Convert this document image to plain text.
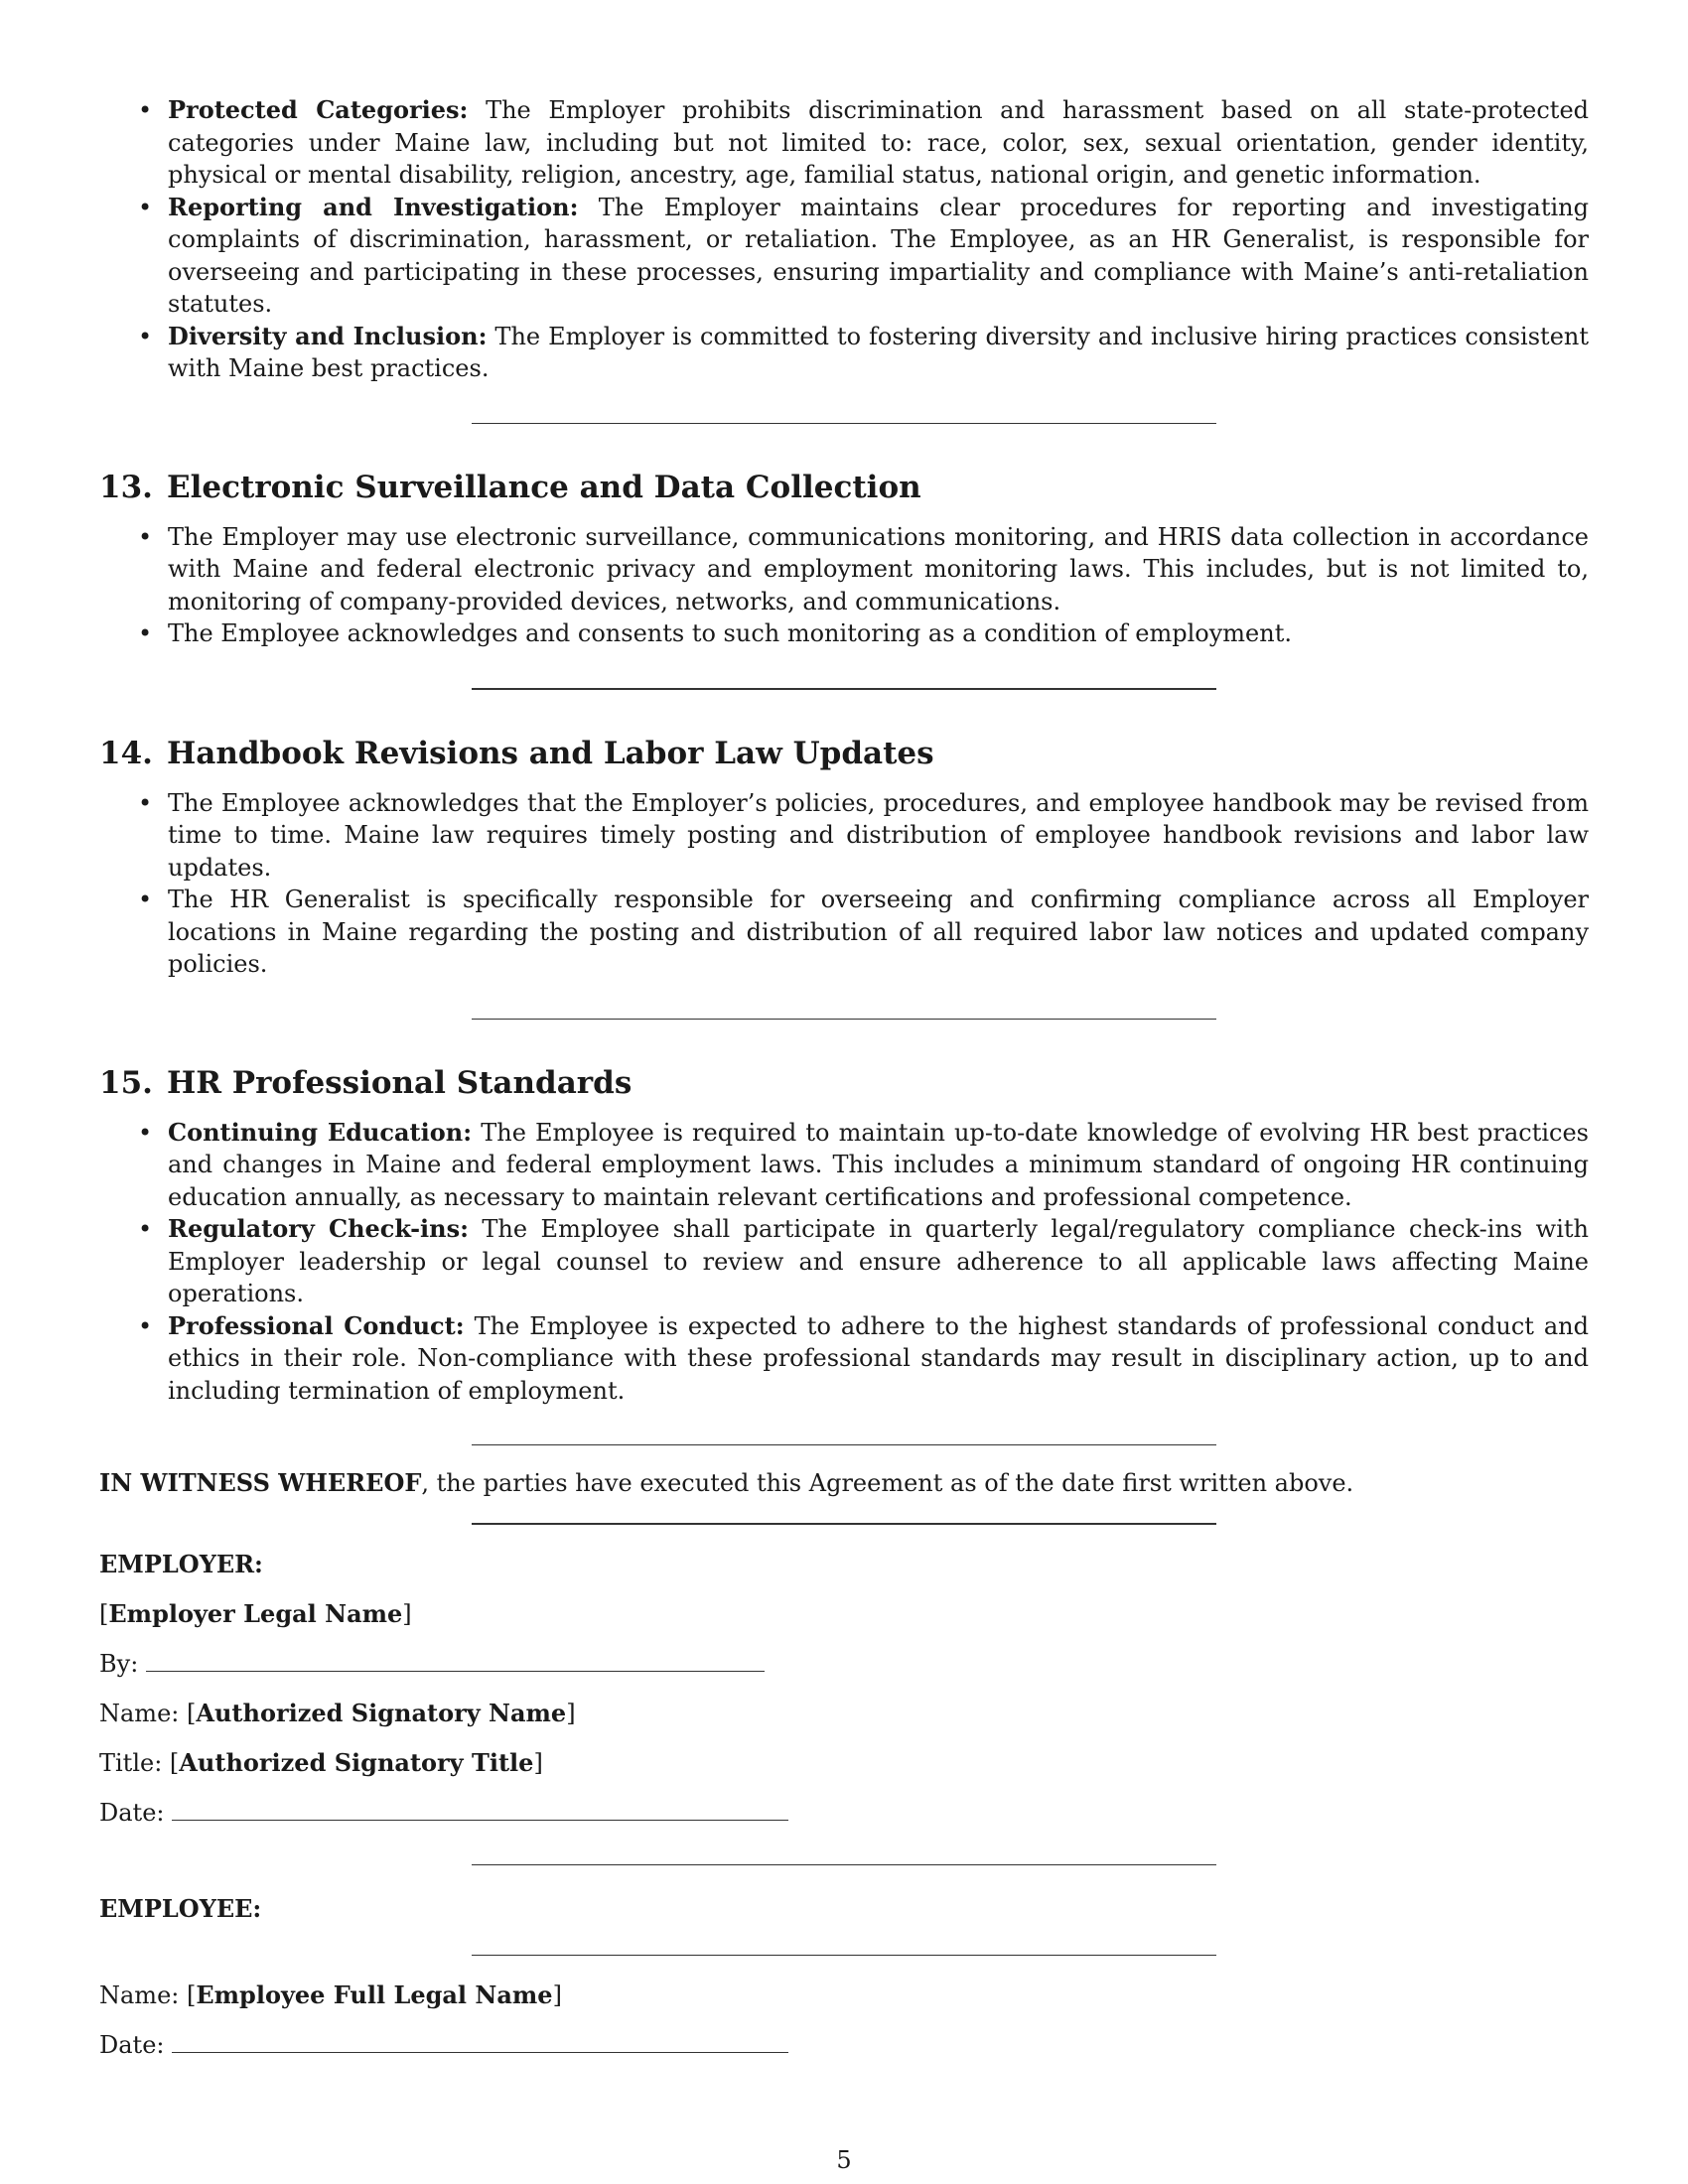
• Protected Categories: The Employer prohibits discrimination and harassment based on all state-protected categories under Maine law, including but not limited to: race, color, sex, sexual orientation, gender identity, physical or mental disability, religion, ancestry, age, familial status, national origin, and genetic information.
• Reporting and Investigation: The Employer maintains clear procedures for reporting and investigating complaints of discrimination, harassment, or retaliation. The Employee, as an HR Generalist, is responsible for overseeing and participating in these processes, ensuring impartiality and compliance with Maine’s anti-retaliation statutes.
• Diversity and Inclusion: The Employer is committed to fostering diversity and inclusive hiring practices consistent with Maine best practices.
13. Electronic Surveillance and Data Collection
• The Employer may use electronic surveillance, communications monitoring, and HRIS data collection in accordance with Maine and federal electronic privacy and employment monitoring laws. This includes, but is not limited to, monitoring of company-provided devices, networks, and communications.
• The Employee acknowledges and consents to such monitoring as a condition of employment.
14. Handbook Revisions and Labor Law Updates
• The Employee acknowledges that the Employer’s policies, procedures, and employee handbook may be revised from time to time. Maine law requires timely posting and distribution of employee handbook revisions and labor law updates.
• The HR Generalist is specifically responsible for overseeing and confirming compliance across all Employer locations in Maine regarding the posting and distribution of all required labor law notices and updated company policies.
15. HR Professional Standards
• Continuing Education: The Employee is required to maintain up-to-date knowledge of evolving HR best practices and changes in Maine and federal employment laws. This includes a minimum standard of ongoing HR continuing education annually, as necessary to maintain relevant certifications and professional competence.
• Regulatory Check-ins: The Employee shall participate in quarterly legal/regulatory compliance check-ins with Employer leadership or legal counsel to review and ensure adherence to all applicable laws affecting Maine operations.
• Professional Conduct: The Employee is expected to adhere to the highest standards of professional conduct and ethics in their role. Non-compliance with these professional standards may result in disciplinary action, up to and including termination of employment.
IN WITNESS WHEREOF, the parties have executed this Agreement as of the date first written above.
EMPLOYER:
[Employer Legal Name]
By:
Name: [Authorized Signatory Name]
Title: [Authorized Signatory Title]
Date:
EMPLOYEE:
Name: [Employee Full Legal Name]
Date:
5
